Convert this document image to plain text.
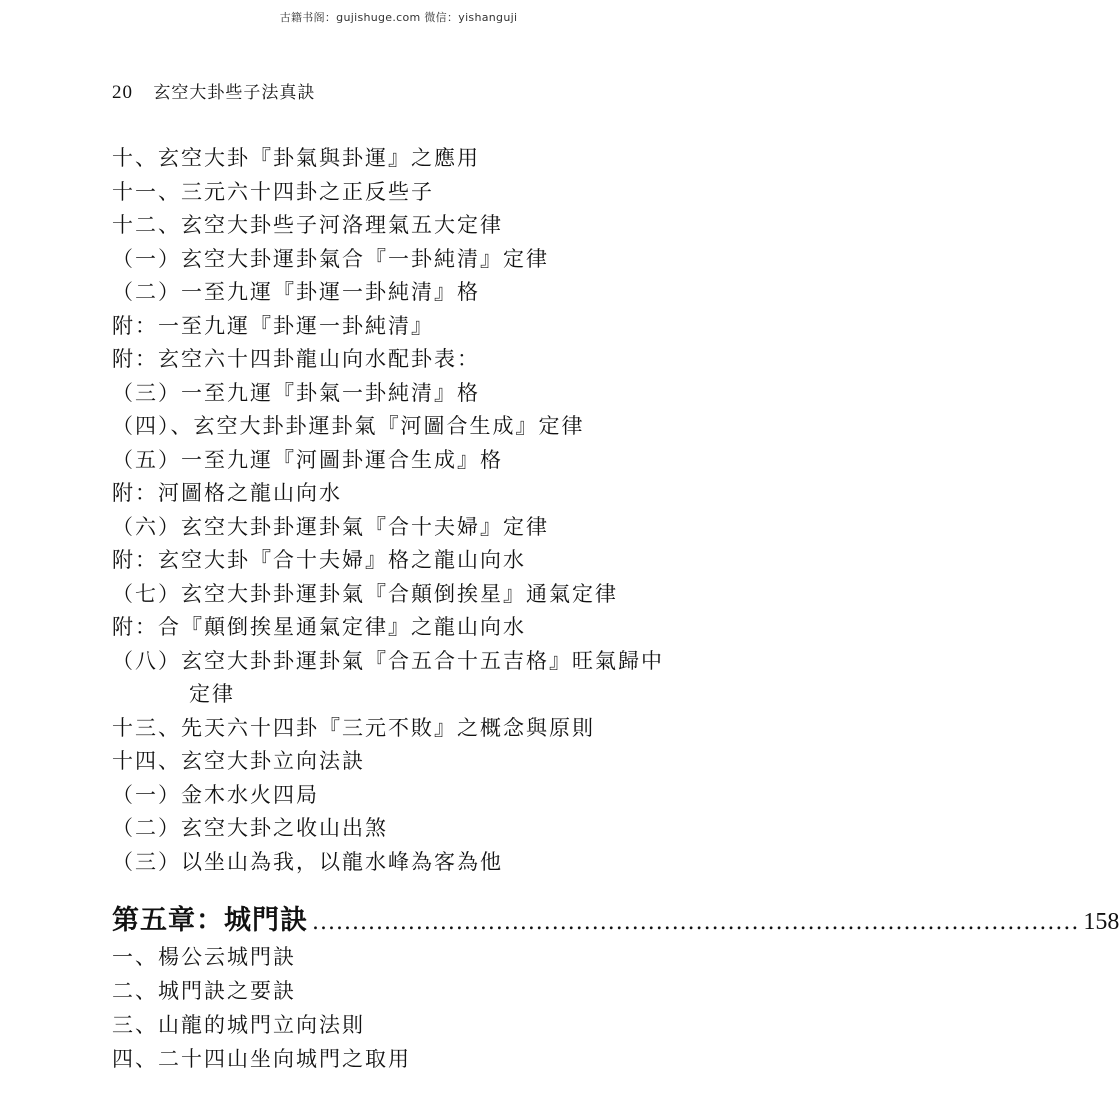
古籍书阁：gujishuge.com 微信：yishanguji
20 玄空大卦些子法真訣
十、玄空大卦『卦氣與卦運』之應用
十一、三元六十四卦之正反些子
十二、玄空大卦些子河洛理氣五大定律
（一）玄空大卦運卦氣合『一卦純清』定律
（二）一至九運『卦運一卦純清』格
附：一至九運『卦運一卦純清』
附：玄空六十四卦龍山向水配卦表：
（三）一至九運『卦氣一卦純清』格
（四）、玄空大卦卦運卦氣『河圖合生成』定律
（五）一至九運『河圖卦運合生成』格
附：河圖格之龍山向水
（六）玄空大卦卦運卦氣『合十夫婦』定律
附：玄空大卦『合十夫婦』格之龍山向水
（七）玄空大卦卦運卦氣『合顛倒挨星』通氣定律
附：合『顛倒挨星通氣定律』之龍山向水
（八）玄空大卦卦運卦氣『合五合十五吉格』旺氣歸中
定律
十三、先天六十四卦『三元不敗』之概念與原則
十四、玄空大卦立向法訣
（一）金木水火四局
（二）玄空大卦之收山出煞
（三）以坐山為我，以龍水峰為客為他
第五章：城門訣 ................................................................................................ 158
一、楊公云城門訣
二、城門訣之要訣
三、山龍的城門立向法則
四、二十四山坐向城門之取用
